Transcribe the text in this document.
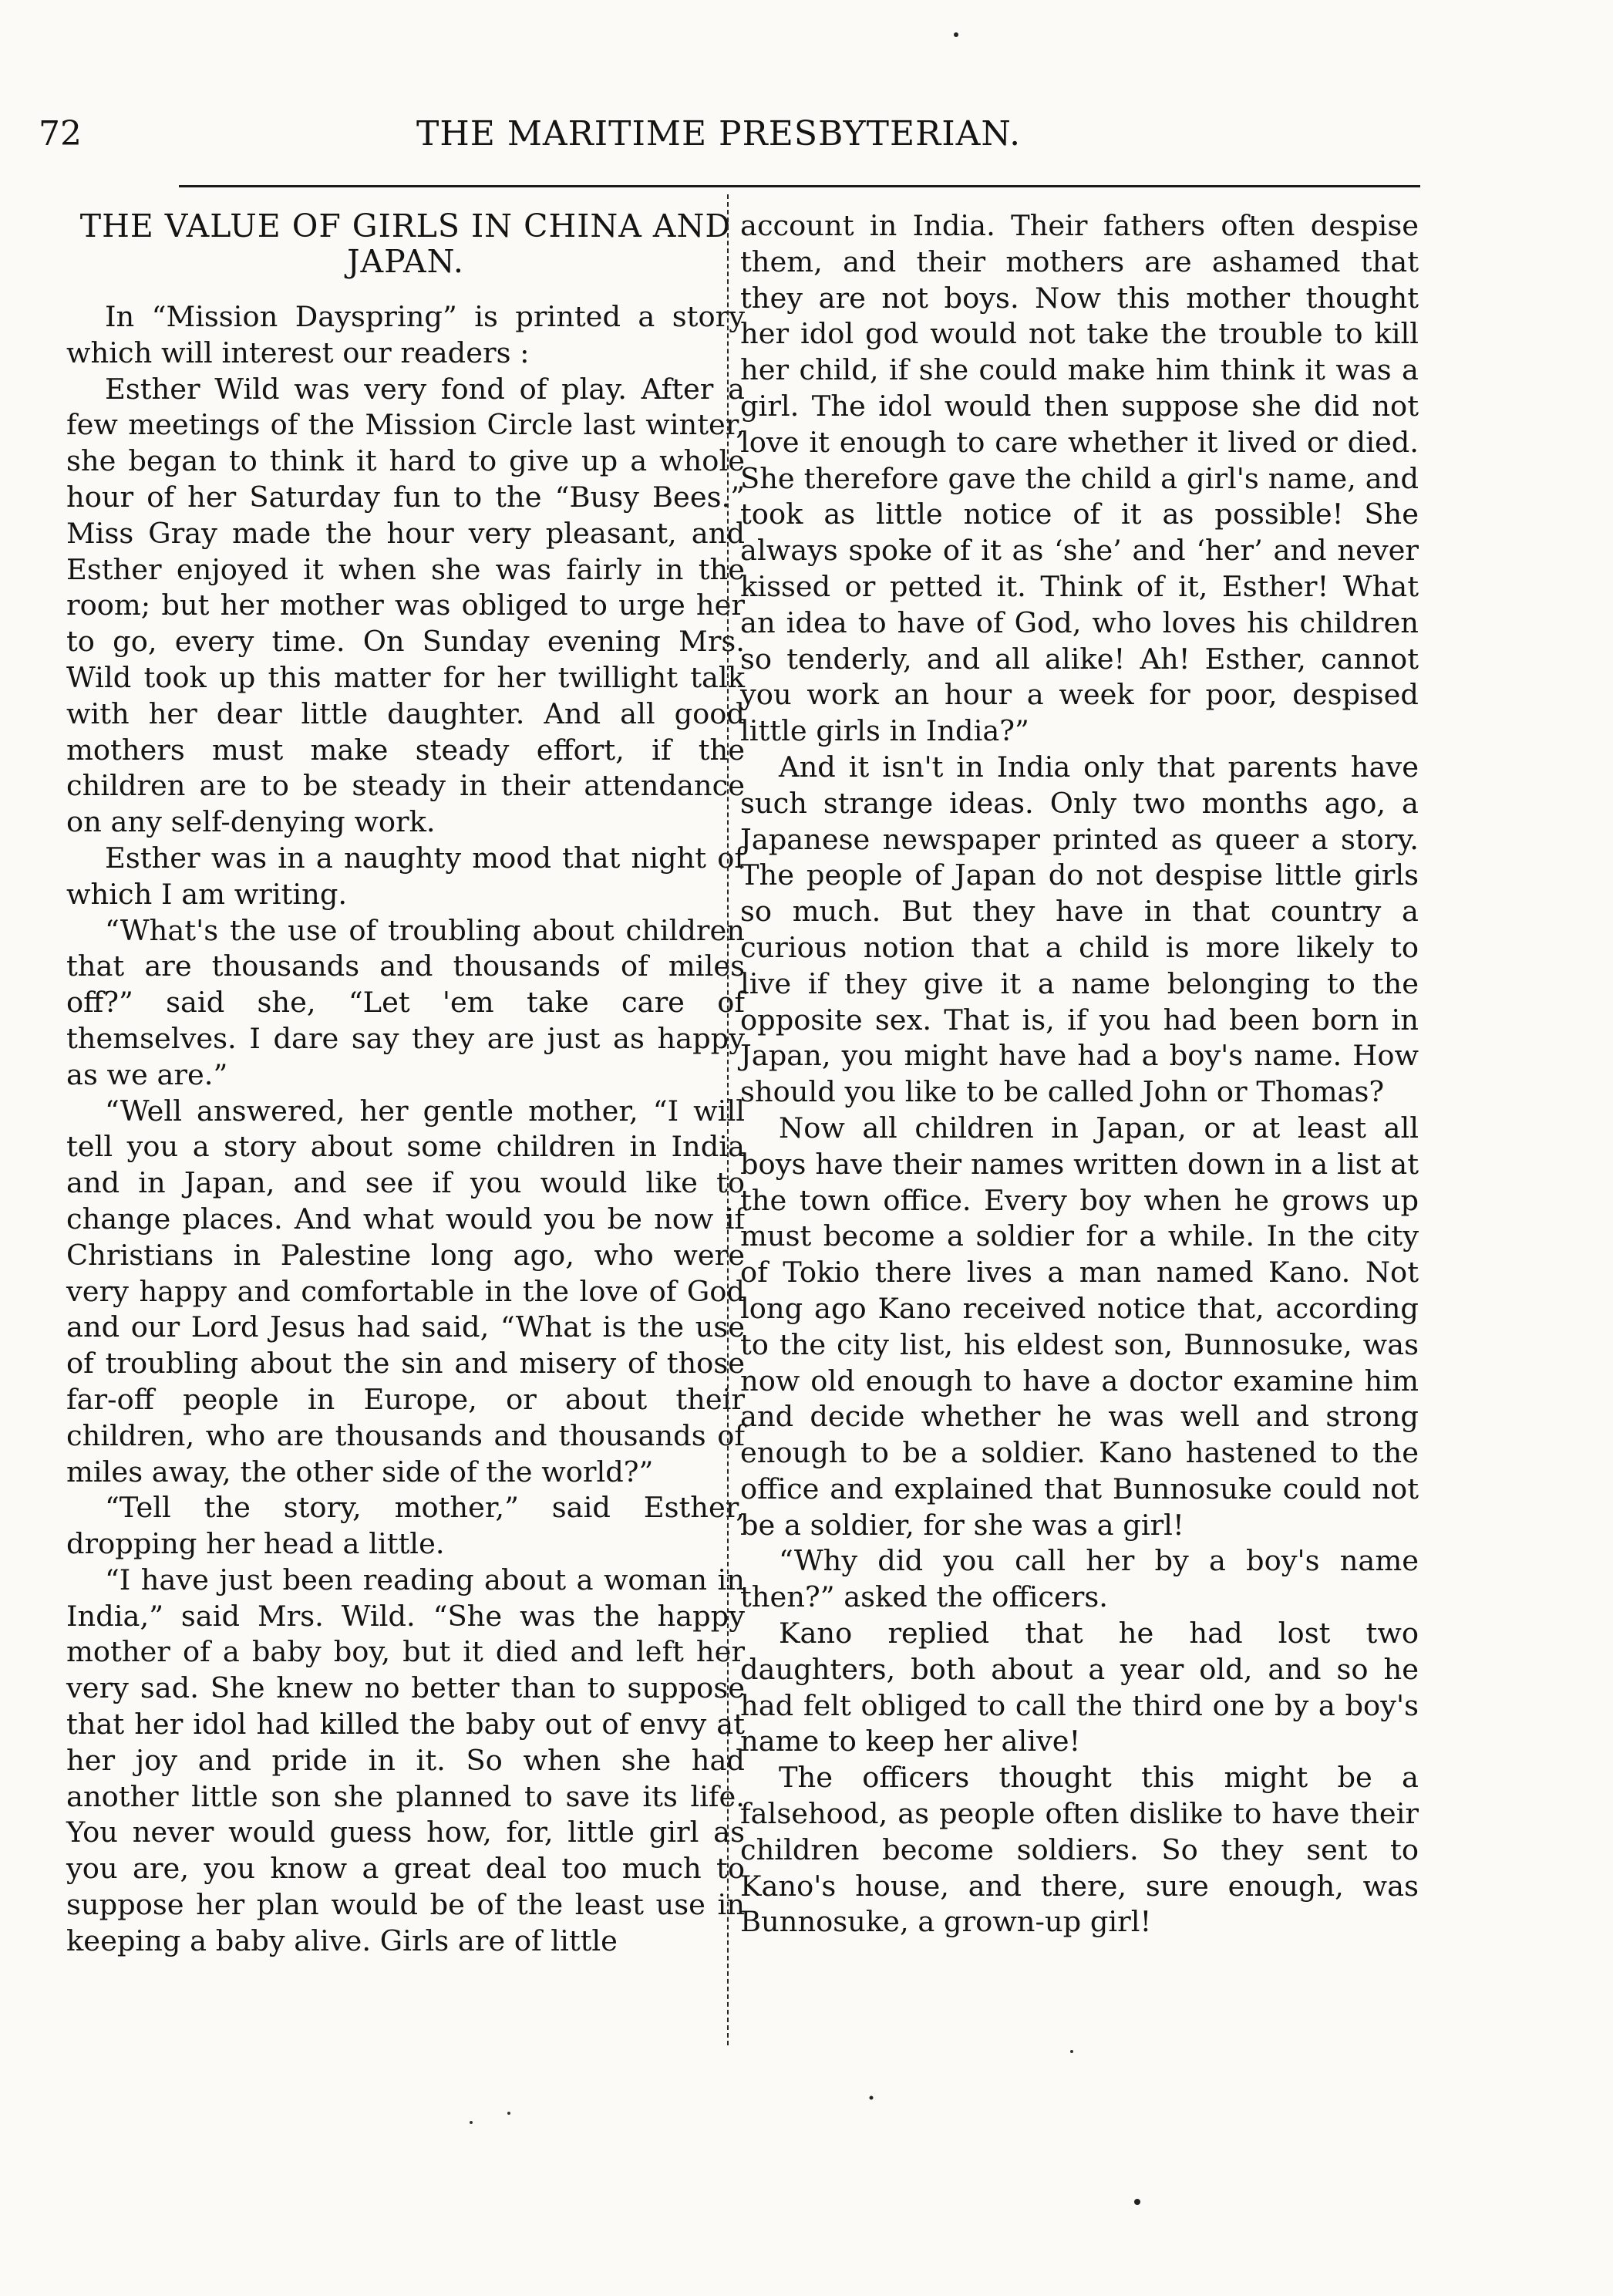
72	THE MARITIME PRESBYTERIAN.
THE VALUE OF GIRLS IN CHINA AND JAPAN.

In “Mission Dayspring” is printed a story which will interest our readers :

Esther Wild was very fond of play. After a few meetings of the Mission Circle last winter, she began to think it hard to give up a whole hour of her Saturday fun to the “Busy Bees.” Miss Gray made the hour very pleasant, and Esther enjoyed it when she was fairly in the room; but her mother was obliged to urge her to go, every time. On Sunday evening Mrs. Wild took up this matter for her twillight talk with her dear little daughter. And all good mothers must make steady effort, if the children are to be steady in their attendance on any self-denying work.

Esther was in a naughty mood that night of which I am writing.

“What's the use of troubling about children that are thousands and thousands of miles off?” said she, “Let 'em take care of themselves. I dare say they are just as happy as we are.”

“Well answered, her gentle mother, “I will tell you a story about some children in India and in Japan, and see if you would like to change places. And what would you be now if Christians in Palestine long ago, who were very happy and comfortable in the love of God and our Lord Jesus had said, “What is the use of troubling about the sin and misery of those far-off people in Europe, or about their children, who are thousands and thousands of miles away, the other side of the world?”

“Tell the story, mother,” said Esther, dropping her head a little.

“I have just been reading about a woman in India,” said Mrs. Wild. “She was the happy mother of a baby boy, but it died and left her very sad. She knew no better than to suppose that her idol had killed the baby out of envy at her joy and pride in it. So when she had another little son she planned to save its life. You never would guess how, for, little girl as you are, you know a great deal too much to suppose her plan would be of the least use in keeping a baby alive. Girls are of little

account in India. Their fathers often despise them, and their mothers are ashamed that they are not boys. Now this mother thought her idol god would not take the trouble to kill her child, if she could make him think it was a girl. The idol would then suppose she did not love it enough to care whether it lived or died. She therefore gave the child a girl's name, and took as little notice of it as possible! She always spoke of it as ‘she’ and ‘her’ and never kissed or petted it. Think of it, Esther! What an idea to have of God, who loves his children so tenderly, and all alike! Ah! Esther, cannot you work an hour a week for poor, despised little girls in India?”

And it isn't in India only that parents have such strange ideas. Only two months ago, a Japanese newspaper printed as queer a story. The people of Japan do not despise little girls so much. But they have in that country a curious notion that a child is more likely to live if they give it a name belonging to the opposite sex. That is, if you had been born in Japan, you might have had a boy's name. How should you like to be called John or Thomas?

Now all children in Japan, or at least all boys have their names written down in a list at the town office. Every boy when he grows up must become a soldier for a while. In the city of Tokio there lives a man named Kano. Not long ago Kano received notice that, according to the city list, his eldest son, Bunnosuke, was now old enough to have a doctor examine him and decide whether he was well and strong enough to be a soldier. Kano hastened to the office and explained that Bunnosuke could not be a soldier, for she was a girl!

“Why did you call her by a boy's name then?” asked the officers.

Kano replied that he had lost two daughters, both about a year old, and so he had felt obliged to call the third one by a boy's name to keep her alive!

The officers thought this might be a falsehood, as people often dislike to have their children become soldiers. So they sent to Kano's house, and there, sure enough, was Bunnosuke, a grown-up girl!
